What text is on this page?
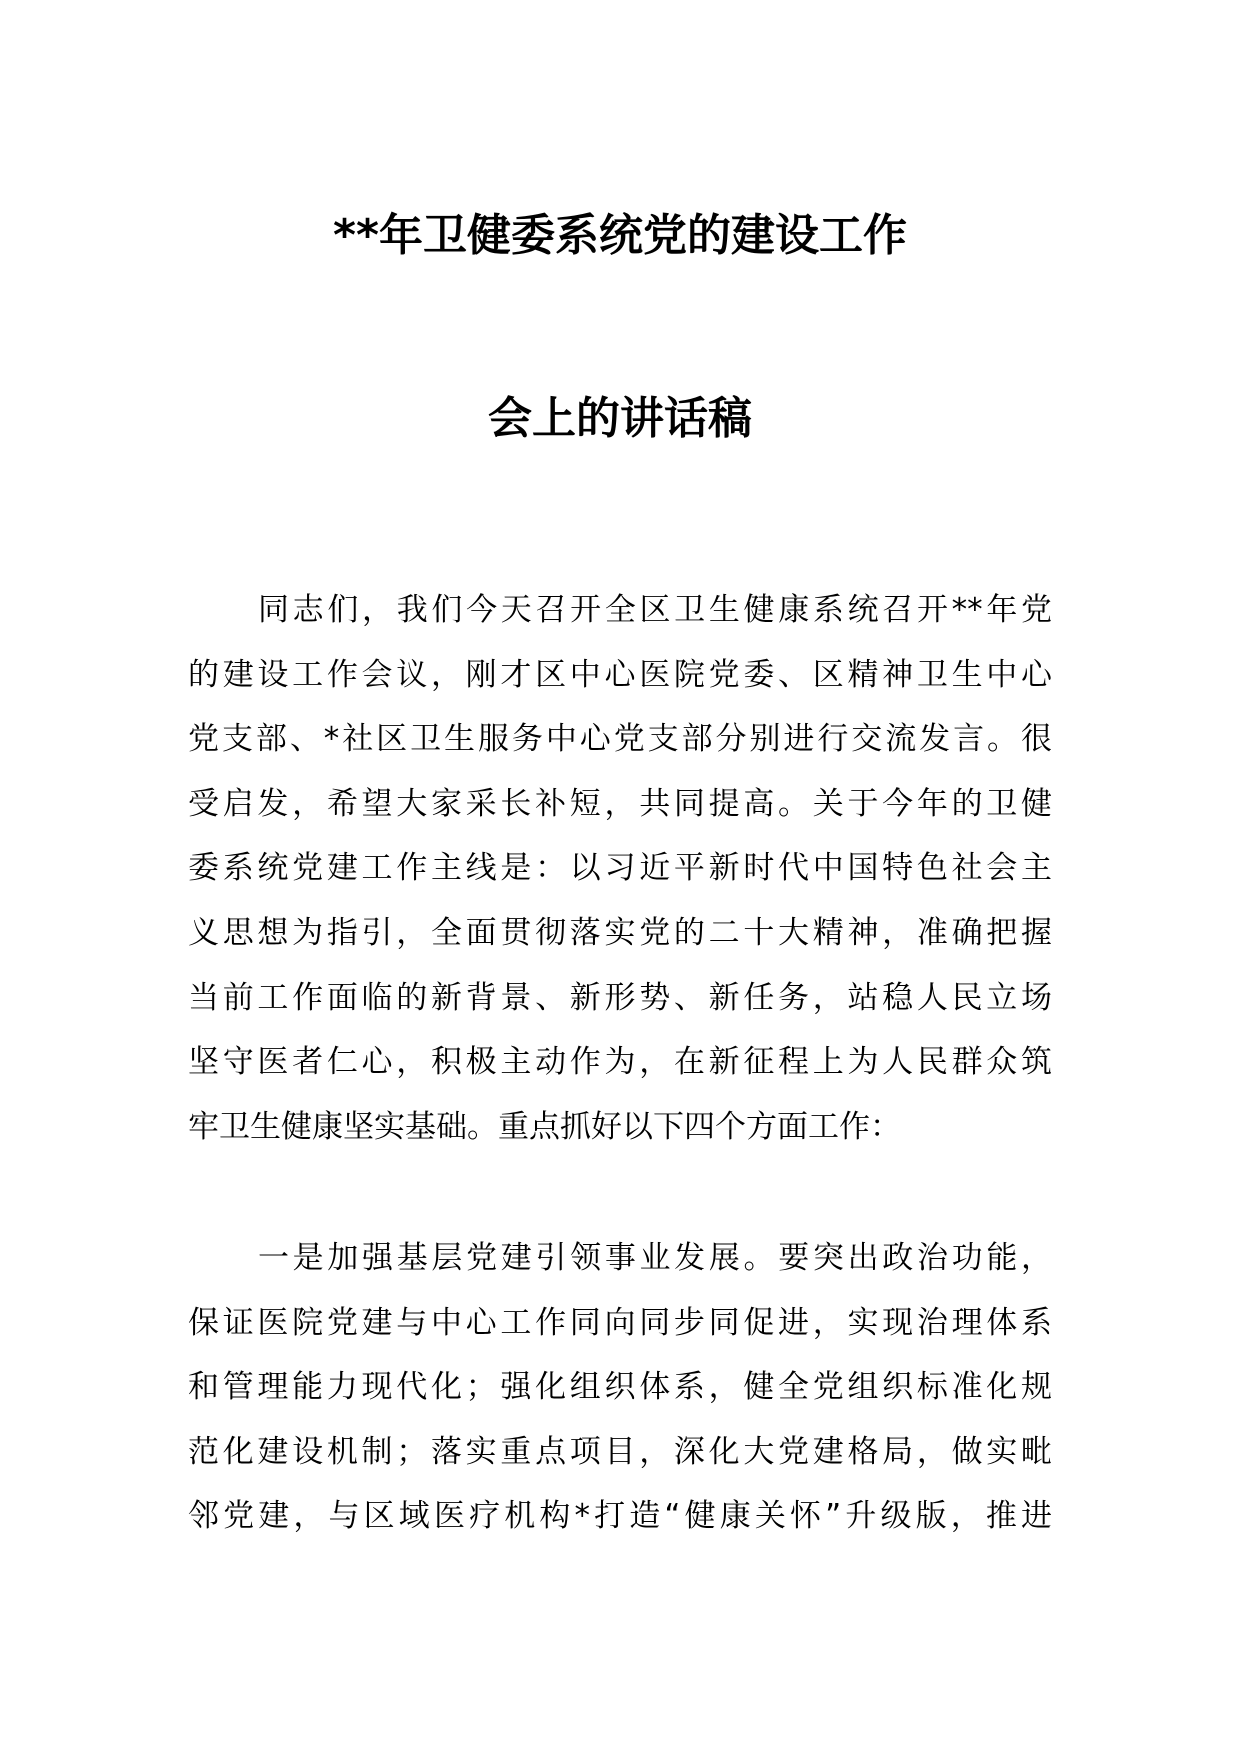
**年卫健委系统党的建设工作
会上的讲话稿
同志们，我们今天召开全区卫生健康系统召开**年党
的建设工作会议，刚才区中心医院党委、区精神卫生中心
党支部、*社区卫生服务中心党支部分别进行交流发言。很
受启发，希望大家采长补短，共同提高。关于今年的卫健
委系统党建工作主线是：以习近平新时代中国特色社会主
义思想为指引，全面贯彻落实党的二十大精神，准确把握
当前工作面临的新背景、新形势、新任务，站稳人民立场
坚守医者仁心，积极主动作为，在新征程上为人民群众筑
牢卫生健康坚实基础。重点抓好以下四个方面工作：
一是加强基层党建引领事业发展。要突出政治功能，
保证医院党建与中心工作同向同步同促进，实现治理体系
和管理能力现代化；强化组织体系，健全党组织标准化规
范化建设机制；落实重点项目，深化大党建格局，做实毗
邻党建，与区域医疗机构*打造“健康关怀”升级版，推进
